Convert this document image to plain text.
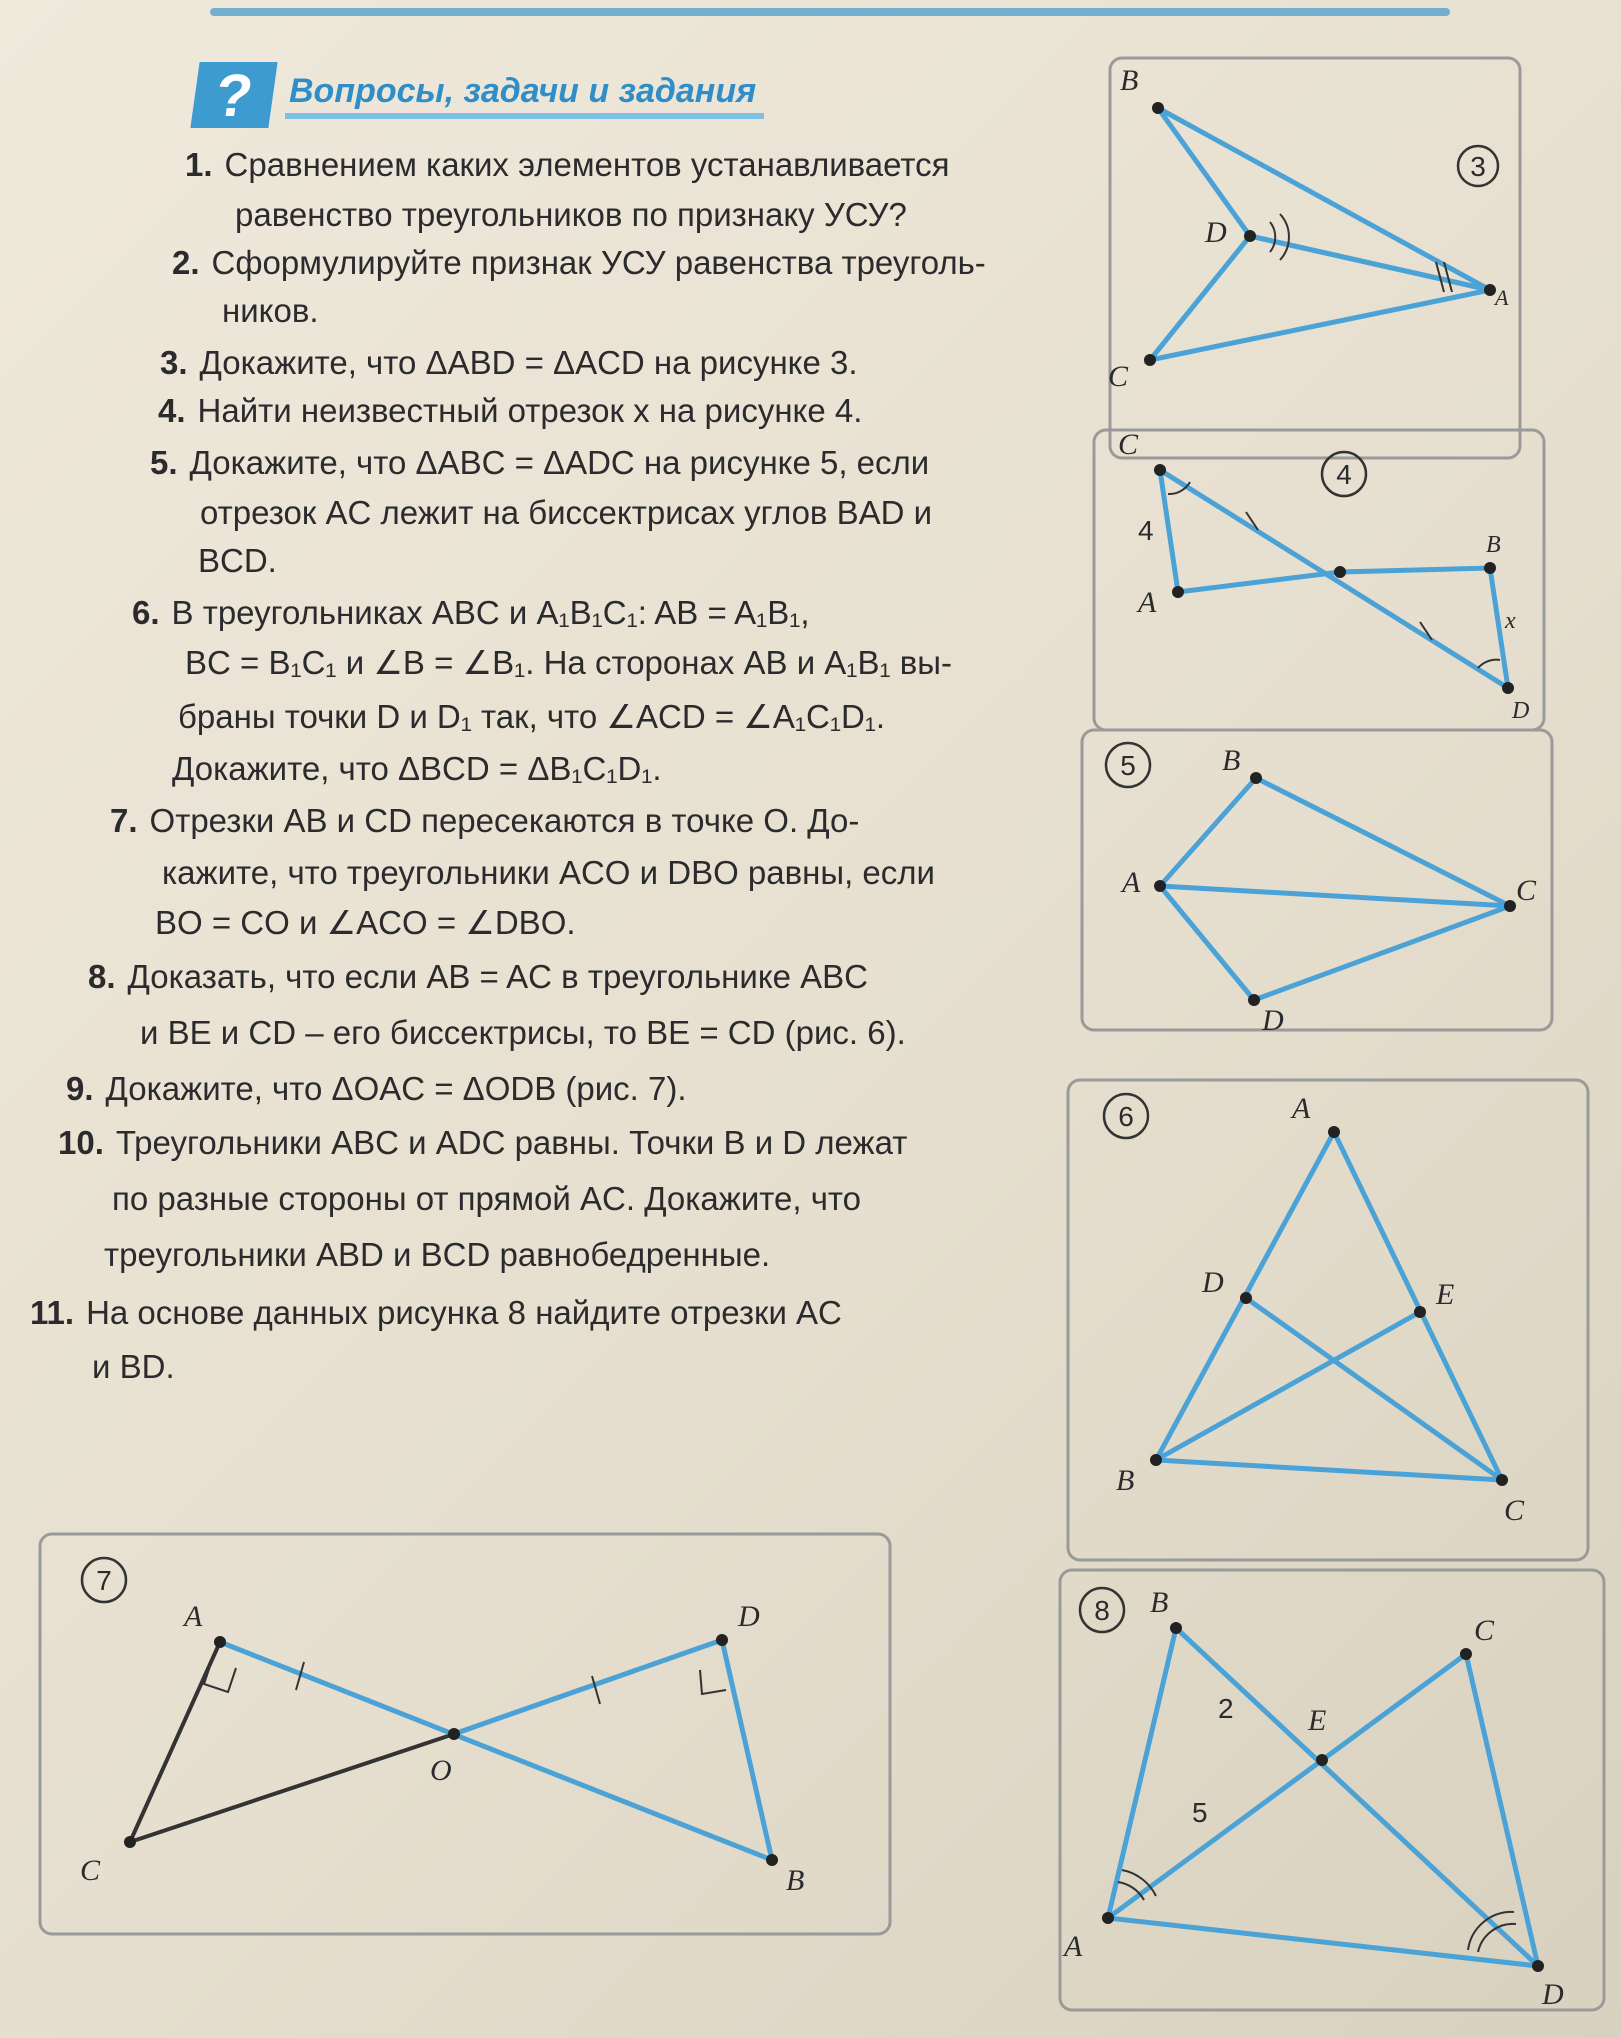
? Вопросы, задачи и задания
1. Сравнением каких элементов устанавливается
равенство треугольников по признаку УСУ?
2. Сформулируйте признак УСУ равенства треуголь-
ников.
3. Докажите, что ΔABD = ΔACD на рисунке 3.
4. Найти неизвестный отрезок x на рисунке 4.
5. Докажите, что ΔABC = ΔADC на рисунке 5, если
отрезок AC лежит на биссектрисах углов BAD и
BCD.
6. В треугольниках ABC и A₁B₁C₁: AB = A₁B₁,
BC = B₁C₁ и ∠B = ∠B₁. На сторонах AB и A₁B₁ вы-
браны точки D и D₁ так, что ∠ACD = ∠A₁C₁D₁.
Докажите, что ΔBCD = ΔB₁C₁D₁.
7. Отрезки AB и CD пересекаются в точке O. До-
кажите, что треугольники ACO и DBO равны, если
BO = CO и ∠ACO = ∠DBO.
8. Доказать, что если AB = AC в треугольнике ABC
и BE и CD – его биссектрисы, то BE = CD (рис. 6).
9. Докажите, что ΔOAC = ΔODB (рис. 7).
10. Треугольники ABC и ADC равны. Точки B и D лежат
по разные стороны от прямой AC. Докажите, что
треугольники ABD и BCD равнобедренные.
11. На основе данных рисунка 8 найдите отрезки AC
и BD.
3
B
D
A
C
4
C
B
A
D
4
x
5	B
A	C
D
6	A
D	E
B
C
7
A	D
O
C	B
8 B
C
E
A
D
2
5
